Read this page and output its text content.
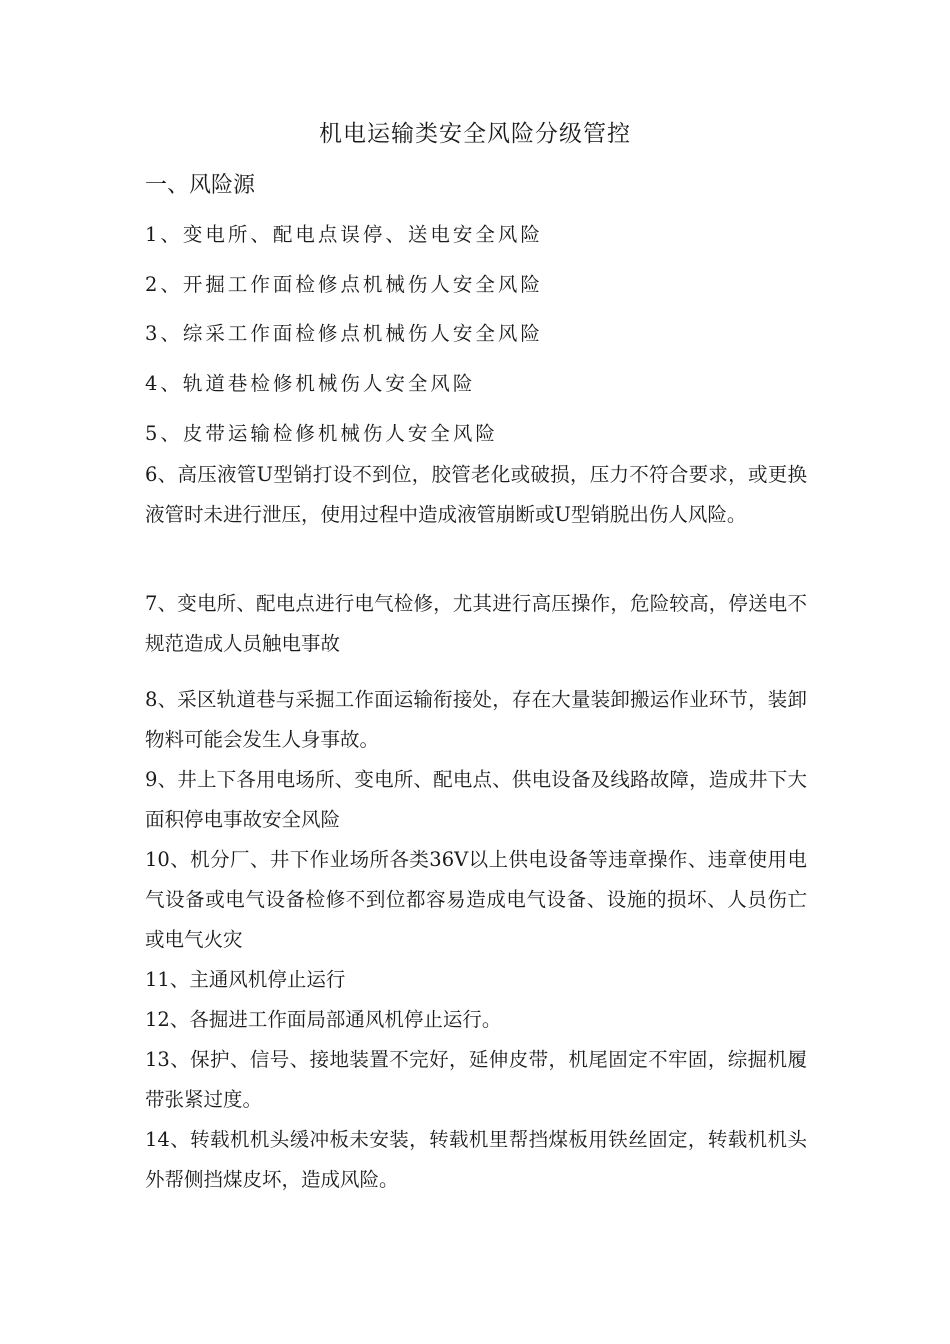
机电运输类安全风险分级管控
一、风险源
1、变电所、配电点误停、送电安全风险
2、开掘工作面检修点机械伤人安全风险
3、综采工作面检修点机械伤人安全风险
4、轨道巷检修机械伤人安全风险
5、皮带运输检修机械伤人安全风险
6、高压液管U型销打设不到位，胶管老化或破损，压力不符合要求，或更换液管时未进行泄压，使用过程中造成液管崩断或U型销脱出伤人风险。
7、变电所、配电点进行电气检修，尤其进行高压操作，危险较高，停送电不规范造成人员触电事故
8、采区轨道巷与采掘工作面运输衔接处，存在大量装卸搬运作业环节，装卸物料可能会发生人身事故。
9、井上下各用电场所、变电所、配电点、供电设备及线路故障，造成井下大面积停电事故安全风险
10、机分厂、井下作业场所各类36V以上供电设备等违章操作、违章使用电气设备或电气设备检修不到位都容易造成电气设备、设施的损坏、人员伤亡或电气火灾
11、主通风机停止运行
12、各掘进工作面局部通风机停止运行。
13、保护、信号、接地装置不完好，延伸皮带，机尾固定不牢固，综掘机履带张紧过度。
14、转载机机头缓冲板未安装，转载机里帮挡煤板用铁丝固定，转载机机头外帮侧挡煤皮坏，造成风险。
